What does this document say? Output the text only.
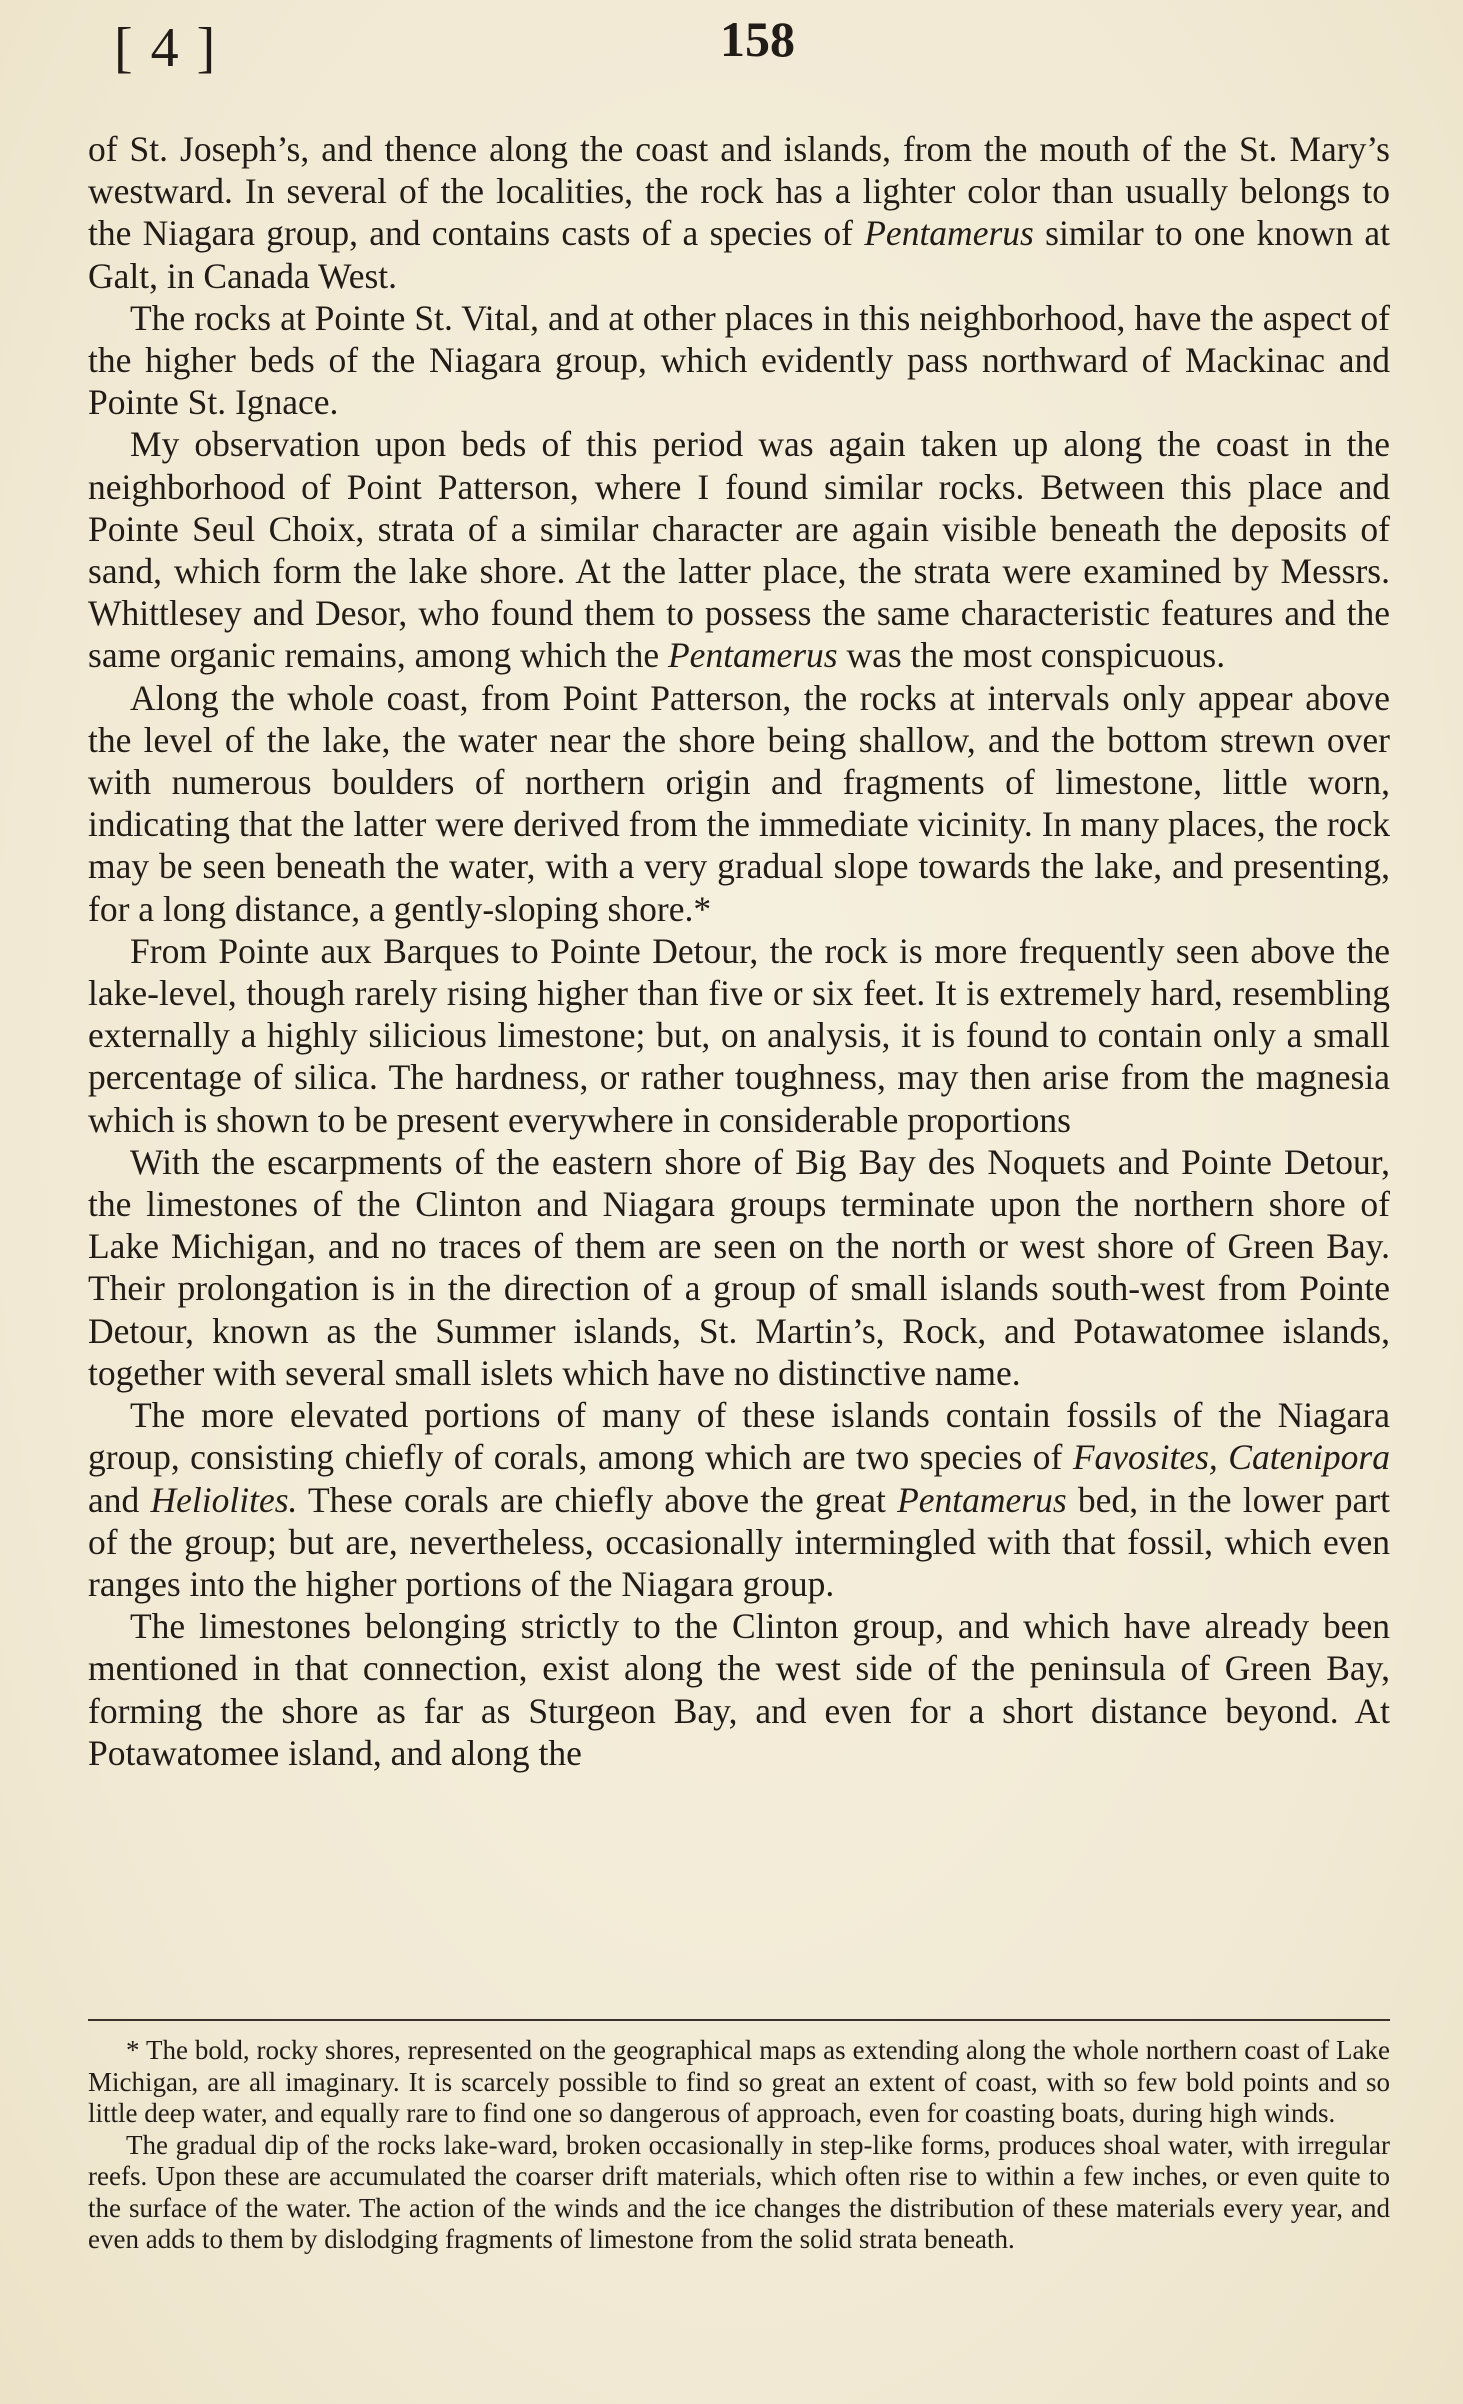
[ 4 ]	158

of St. Joseph’s, and thence along the coast and islands, from the mouth of the St. Mary’s westward. In several of the localities, the rock has a lighter color than usually belongs to the Niagara group, and contains casts of a species of Pentamerus similar to one known at Galt, in Canada West.

The rocks at Pointe St. Vital, and at other places in this neighborhood, have the aspect of the higher beds of the Niagara group, which evidently pass northward of Mackinac and Pointe St. Ignace.

My observation upon beds of this period was again taken up along the coast in the neighborhood of Point Patterson, where I found similar rocks. Between this place and Pointe Seul Choix, strata of a similar character are again visible beneath the deposits of sand, which form the lake shore. At the latter place, the strata were examined by Messrs. Whittlesey and Desor, who found them to possess the same characteristic features and the same organic remains, among which the Pentamerus was the most conspicuous.

Along the whole coast, from Point Patterson, the rocks at intervals only appear above the level of the lake, the water near the shore being shallow, and the bottom strewn over with numerous boulders of northern origin and fragments of limestone, little worn, indicating that the latter were derived from the immediate vicinity. In many places, the rock may be seen beneath the water, with a very gradual slope towards the lake, and presenting, for a long distance, a gently-sloping shore.*

From Pointe aux Barques to Pointe Detour, the rock is more frequently seen above the lake-level, though rarely rising higher than five or six feet. It is extremely hard, resembling externally a highly silicious limestone; but, on analysis, it is found to contain only a small percentage of silica. The hardness, or rather toughness, may then arise from the magnesia which is shown to be present everywhere in considerable proportions

With the escarpments of the eastern shore of Big Bay des Noquets and Pointe Detour, the limestones of the Clinton and Niagara groups terminate upon the northern shore of Lake Michigan, and no traces of them are seen on the north or west shore of Green Bay. Their prolongation is in the direction of a group of small islands south-west from Pointe Detour, known as the Summer islands, St. Martin’s, Rock, and Potawatomee islands, together with several small islets which have no distinctive name.

The more elevated portions of many of these islands contain fossils of the Niagara group, consisting chiefly of corals, among which are two species of Favosites, Catenipora and Heliolites. These corals are chiefly above the great Pentamerus bed, in the lower part of the group; but are, nevertheless, occasionally intermingled with that fossil, which even ranges into the higher portions of the Niagara group.

The limestones belonging strictly to the Clinton group, and which have already been mentioned in that connection, exist along the west side of the peninsula of Green Bay, forming the shore as far as Sturgeon Bay, and even for a short distance beyond. At Potawatomee island, and along the

* The bold, rocky shores, represented on the geographical maps as extending along the whole northern coast of Lake Michigan, are all imaginary. It is scarcely possible to find so great an extent of coast, with so few bold points and so little deep water, and equally rare to find one so dangerous of approach, even for coasting boats, during high winds.

The gradual dip of the rocks lake-ward, broken occasionally in step-like forms, produces shoal water, with irregular reefs. Upon these are accumulated the coarser drift materials, which often rise to within a few inches, or even quite to the surface of the water. The action of the winds and the ice changes the distribution of these materials every year, and even adds to them by dislodging fragments of limestone from the solid strata beneath.
